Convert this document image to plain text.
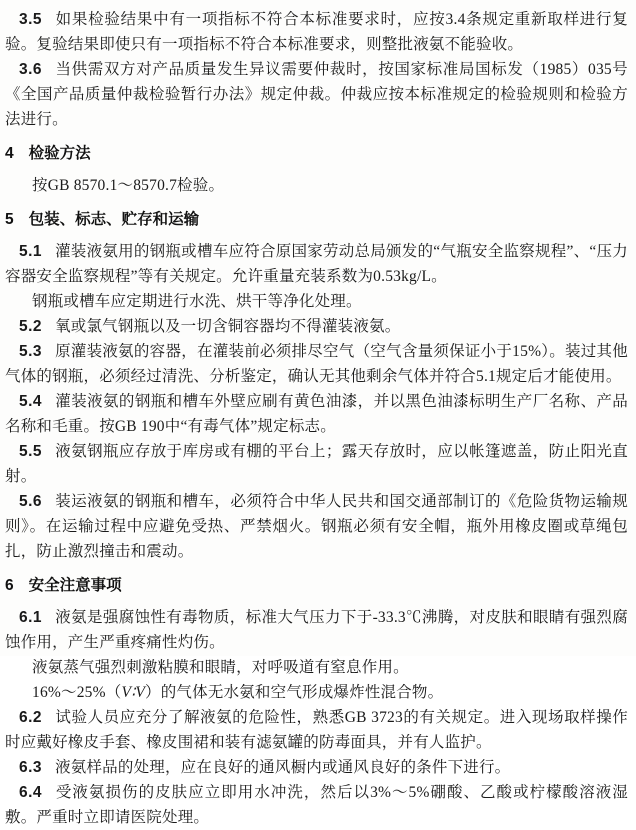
3.5 如果检验结果中有一项指标不符合本标准要求时，应按3.4条规定重新取样进行复验。复验结果即使只有一项指标不符合本标准要求，则整批液氨不能验收。

3.6 当供需双方对产品质量发生异议需要仲裁时，按国家标准局国标发（1985）035号《全国产品质量仲裁检验暂行办法》规定仲裁。仲裁应按本标准规定的检验规则和检验方法进行。

4 检验方法

按GB 8570.1～8570.7检验。

5 包装、标志、贮存和运输

5.1 灌装液氨用的钢瓶或槽车应符合原国家劳动总局颁发的“气瓶安全监察规程”、“压力容器安全监察规程”等有关规定。允许重量充装系数为0.53kg/L。

钢瓶或槽车应定期进行水洗、烘干等净化处理。

5.2 氧或氯气钢瓶以及一切含铜容器均不得灌装液氨。

5.3 原灌装液氨的容器，在灌装前必须排尽空气（空气含量须保证小于15%）。装过其他气体的钢瓶，必须经过清洗、分析鉴定，确认无其他剩余气体并符合5.1规定后才能使用。

5.4 灌装液氨的钢瓶和槽车外壁应刷有黄色油漆，并以黑色油漆标明生产厂名称、产品名称和毛重。按GB 190中“有毒气体”规定标志。

5.5 液氨钢瓶应存放于库房或有棚的平台上；露天存放时，应以帐篷遮盖，防止阳光直射。

5.6 装运液氨的钢瓶和槽车，必须符合中华人民共和国交通部制订的《危险货物运输规则》。在运输过程中应避免受热、严禁烟火。钢瓶必须有安全帽，瓶外用橡皮圈或草绳包扎，防止激烈撞击和震动。

6 安全注意事项

6.1 液氨是强腐蚀性有毒物质，标准大气压力下于-33.3℃沸腾，对皮肤和眼睛有强烈腐蚀作用，产生严重疼痛性灼伤。

液氨蒸气强烈刺激粘膜和眼睛，对呼吸道有窒息作用。

16%～25%（V∶V）的气体无水氨和空气形成爆炸性混合物。

6.2 试验人员应充分了解液氨的危险性，熟悉GB 3723的有关规定。进入现场取样操作时应戴好橡皮手套、橡皮围裙和装有滤氨罐的防毒面具，并有人监护。

6.3 液氨样品的处理，应在良好的通风橱内或通风良好的条件下进行。

6.4 受液氨损伤的皮肤应立即用水冲洗，然后以3%～5%硼酸、乙酸或柠檬酸溶液湿敷。严重时立即请医院处理。
